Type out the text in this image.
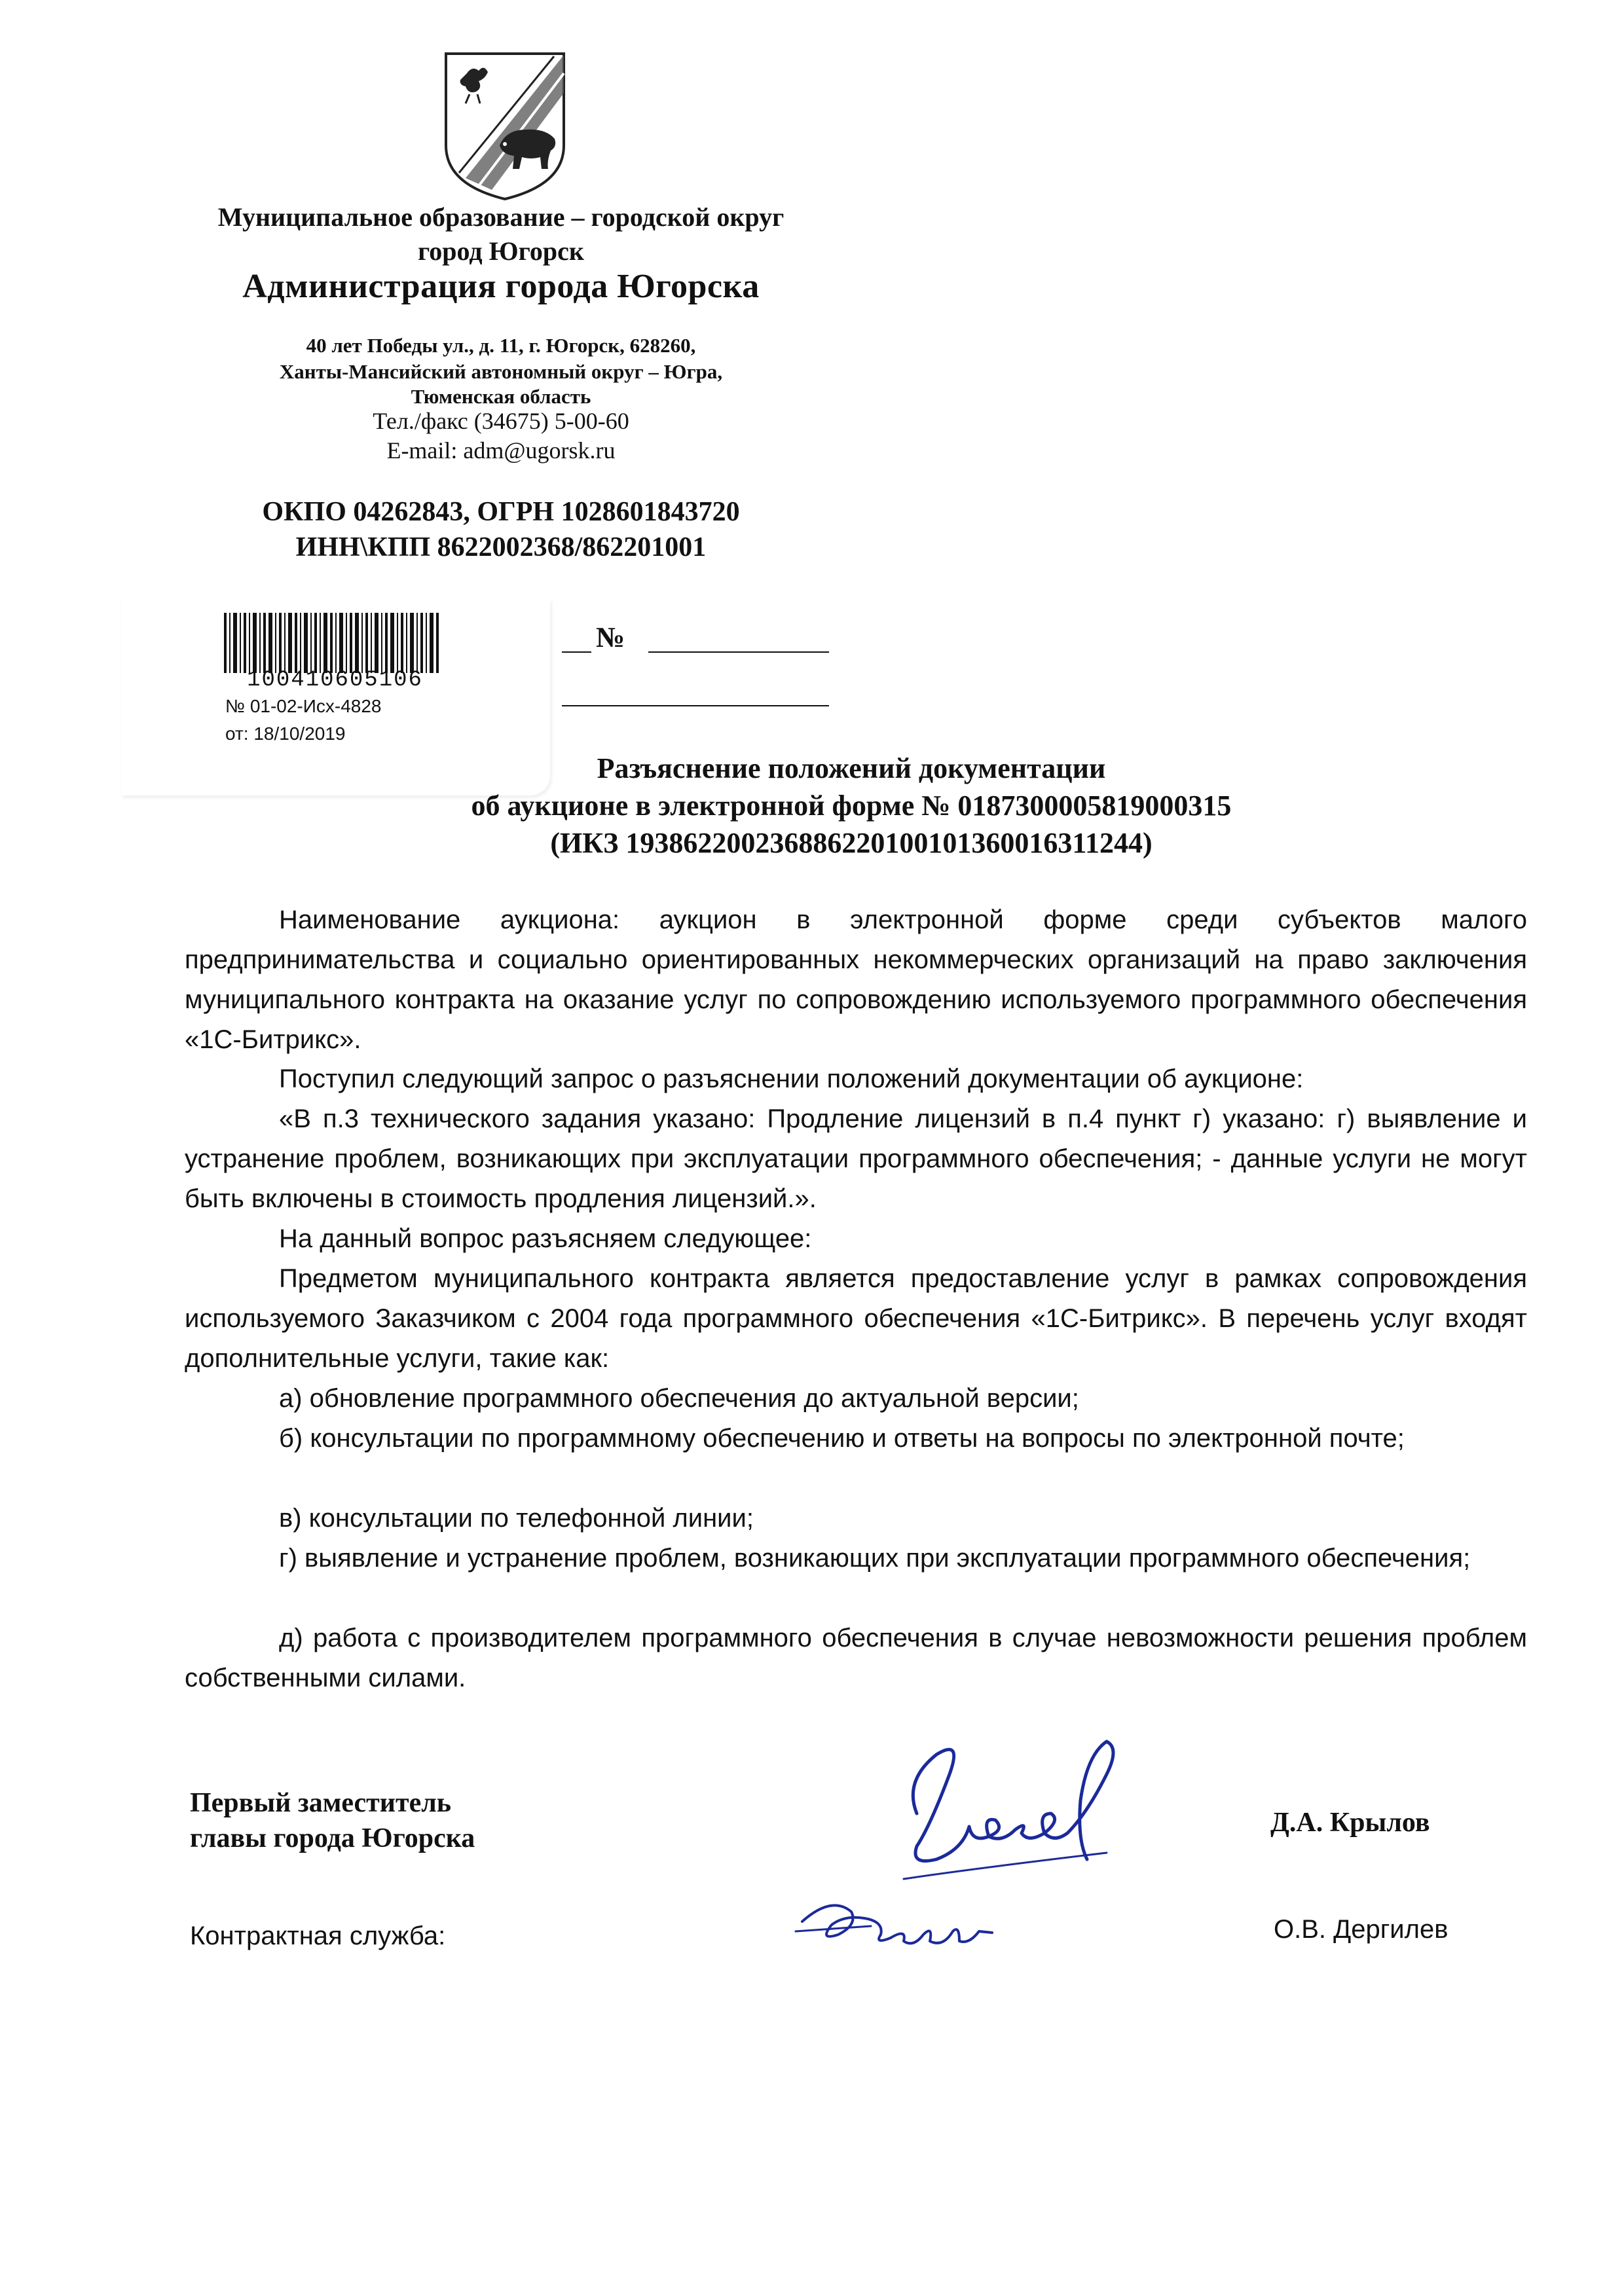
Муниципальное образование – городской округ
город Югорск
Администрация города Югорска
40 лет Победы ул., д. 11, г. Югорск, 628260,
Ханты-Мансийский автономный округ – Югра,
Тюменская область
Тел./факс (34675) 5-00-60
E-mail: adm@ugorsk.ru
ОКПО 04262843, ОГРН 1028601843720
ИНН\КПП 8622002368/862201001
100410605106
№ 01-02-Исх-4828
от: 18/10/2019
№
Разъяснение положений документации
об аукционе в электронной форме № 0187300005819000315
(ИКЗ 193862200236886220100101360016311244)
Наименование аукциона: аукцион в электронной форме среди субъектов малого предпринимательства и социально ориентированных некоммерческих организаций на право заключения муниципального контракта на оказание услуг по сопровождению используемого программного обеспечения «1С-Битрикс».
Поступил следующий запрос о разъяснении положений документации об аукционе:
«В п.3 технического задания указано: Продление лицензий в п.4 пункт г) указано: г) выявление и устранение проблем, возникающих при эксплуатации программного обеспечения; - данные услуги не могут быть включены в стоимость продления лицензий.».
На данный вопрос разъясняем следующее:
Предметом муниципального контракта является предоставление услуг в рамках сопровождения используемого Заказчиком с 2004 года программного обеспечения «1С-Битрикс». В перечень услуг входят дополнительные услуги, такие как:
а) обновление программного обеспечения до актуальной версии;
б) консультации по программному обеспечению и ответы на вопросы по электронной почте;
в) консультации по телефонной линии;
г) выявление и устранение проблем, возникающих при эксплуатации программного обеспечения;
д) работа с производителем программного обеспечения в случае невозможности решения проблем собственными силами.
Первый заместитель
главы города Югорска
Д.А. Крылов
Контрактная служба:	О.В. Дергилев
